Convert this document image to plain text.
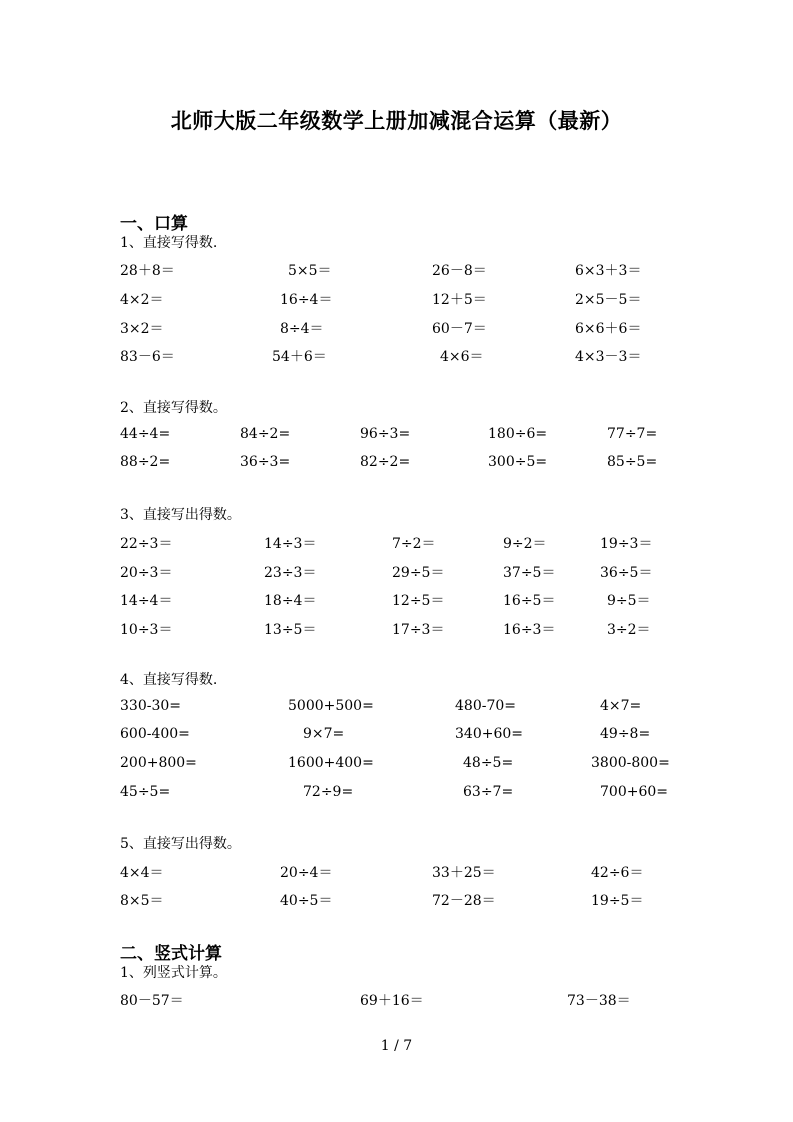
北师大版二年级数学上册加减混合运算（最新）
一、口算
1、直接写得数.
28＋8＝	5×5＝	26－8＝	6×3＋3＝
4×2＝	16÷4＝	12＋5＝	2×5－5＝
3×2＝	8÷4＝	60－7＝	6×6＋6＝
83－6＝	54＋6＝	4×6＝	4×3－3＝
2、直接写得数。
44÷4=	84÷2=	96÷3=	180÷6=	77÷7=
88÷2=	36÷3=	82÷2=	300÷5=	85÷5=
3、直接写出得数。
22÷3＝	14÷3＝	7÷2＝	9÷2＝	19÷3＝
20÷3＝	23÷3＝	29÷5＝	37÷5＝	36÷5＝
14÷4＝	18÷4＝	12÷5＝	16÷5＝	9÷5＝
10÷3＝	13÷5＝	17÷3＝	16÷3＝	3÷2＝
4、直接写得数.
330-30=	5000+500=	480-70=	4×7=
600-400=	9×7=	340+60=	49÷8=
200+800=	1600+400=	48÷5=	3800-800=
45÷5=	72÷9=	63÷7=	700+60=
5、直接写出得数。
4×4＝	20÷4＝	33＋25＝	42÷6＝
8×5＝	40÷5＝	72－28＝	19÷5＝
二、竖式计算
1、列竖式计算。
80－57＝	69＋16＝	73－38＝
1 / 7
